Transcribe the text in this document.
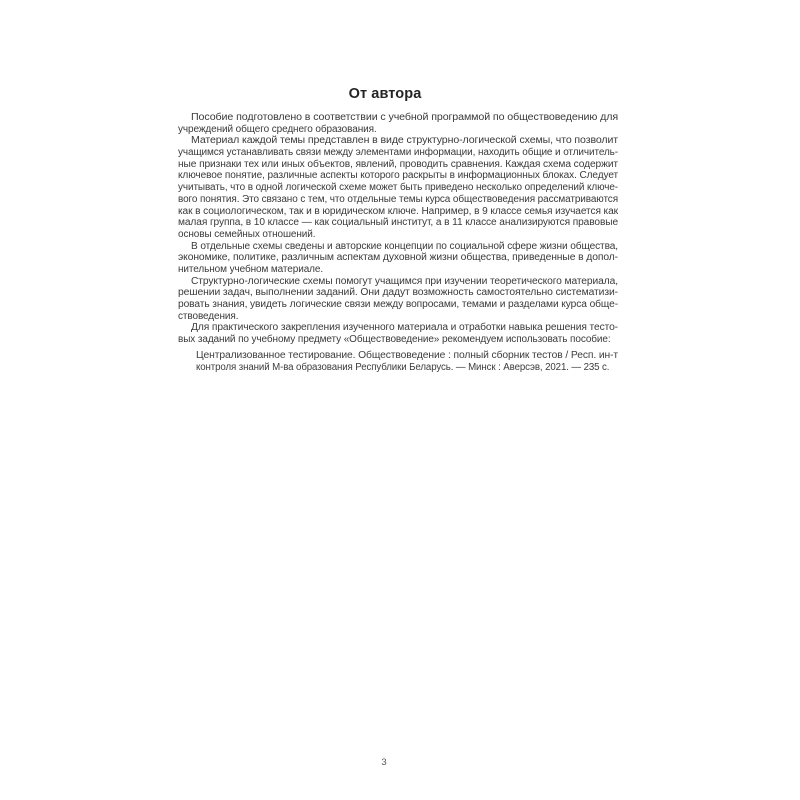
От автора
Пособие подготовлено в соответствии с учебной программой по обществоведению для
учреждений общего среднего образования.
Материал каждой темы представлен в виде структурно-логической схемы, что позволит
учащимся устанавливать связи между элементами информации, находить общие и отличитель-
ные признаки тех или иных объектов, явлений, проводить сравнения. Каждая схема содержит
ключевое понятие, различные аспекты которого раскрыты в информационных блоках. Следует
учитывать, что в одной логической схеме может быть приведено несколько определений ключе-
вого понятия. Это связано с тем, что отдельные темы курса обществоведения рассматриваются
как в социологическом, так и в юридическом ключе. Например, в 9 классе семья изучается как
малая группа, в 10 классе — как социальный институт, а в 11 классе анализируются правовые
основы семейных отношений.
В отдельные схемы сведены и авторские концепции по социальной сфере жизни общества,
экономике, политике, различным аспектам духовной жизни общества, приведенные в допол-
нительном учебном материале.
Структурно-логические схемы помогут учащимся при изучении теоретического материала,
решении задач, выполнении заданий. Они дадут возможность самостоятельно систематизи-
ровать знания, увидеть логические связи между вопросами, темами и разделами курса обще-
ствоведения.
Для практического закрепления изученного материала и отработки навыка решения тесто-
вых заданий по учебному предмету «Обществоведение» рекомендуем использовать пособие:
Централизованное тестирование. Обществоведение : полный сборник тестов / Респ. ин-т
контроля знаний М-ва образования Республики Беларусь. — Минск : Аверсэв, 2021. — 235 с.
3
